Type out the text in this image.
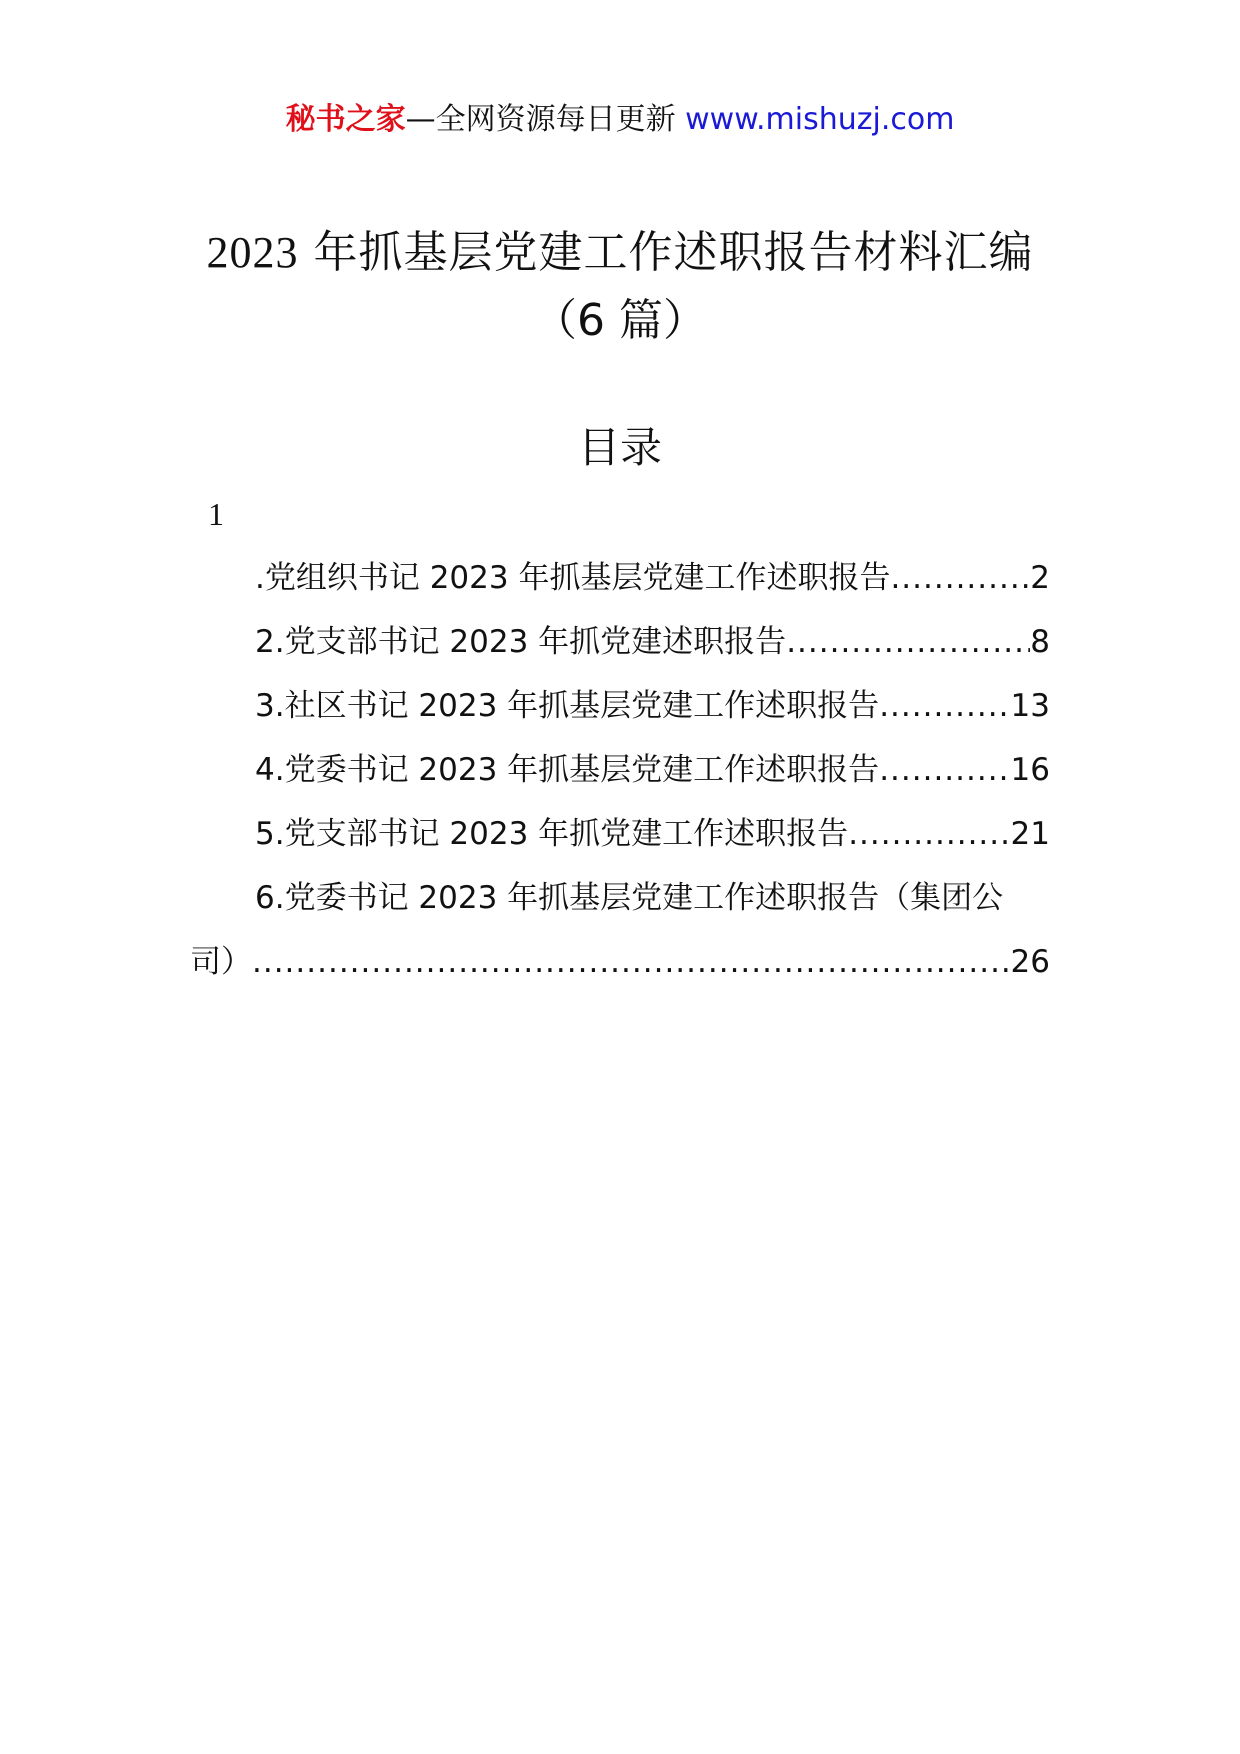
秘书之家—全网资源每日更新 www.mishuzj.com
2023 年抓基层党建工作述职报告材料汇编
（6 篇）
目录
1
.党组织书记 2023 年抓基层党建工作述职报告 .....	2
2.党支部书记 2023 年抓党建述职报告 .....	8
3.社区书记 2023 年抓基层党建工作述职报告 .....	13
4.党委书记 2023 年抓基层党建工作述职报告 .....	16
5.党支部书记 2023 年抓党建工作述职报告 .....	21
6.党委书记 2023 年抓基层党建工作述职报告（集团公
司） .....	26
